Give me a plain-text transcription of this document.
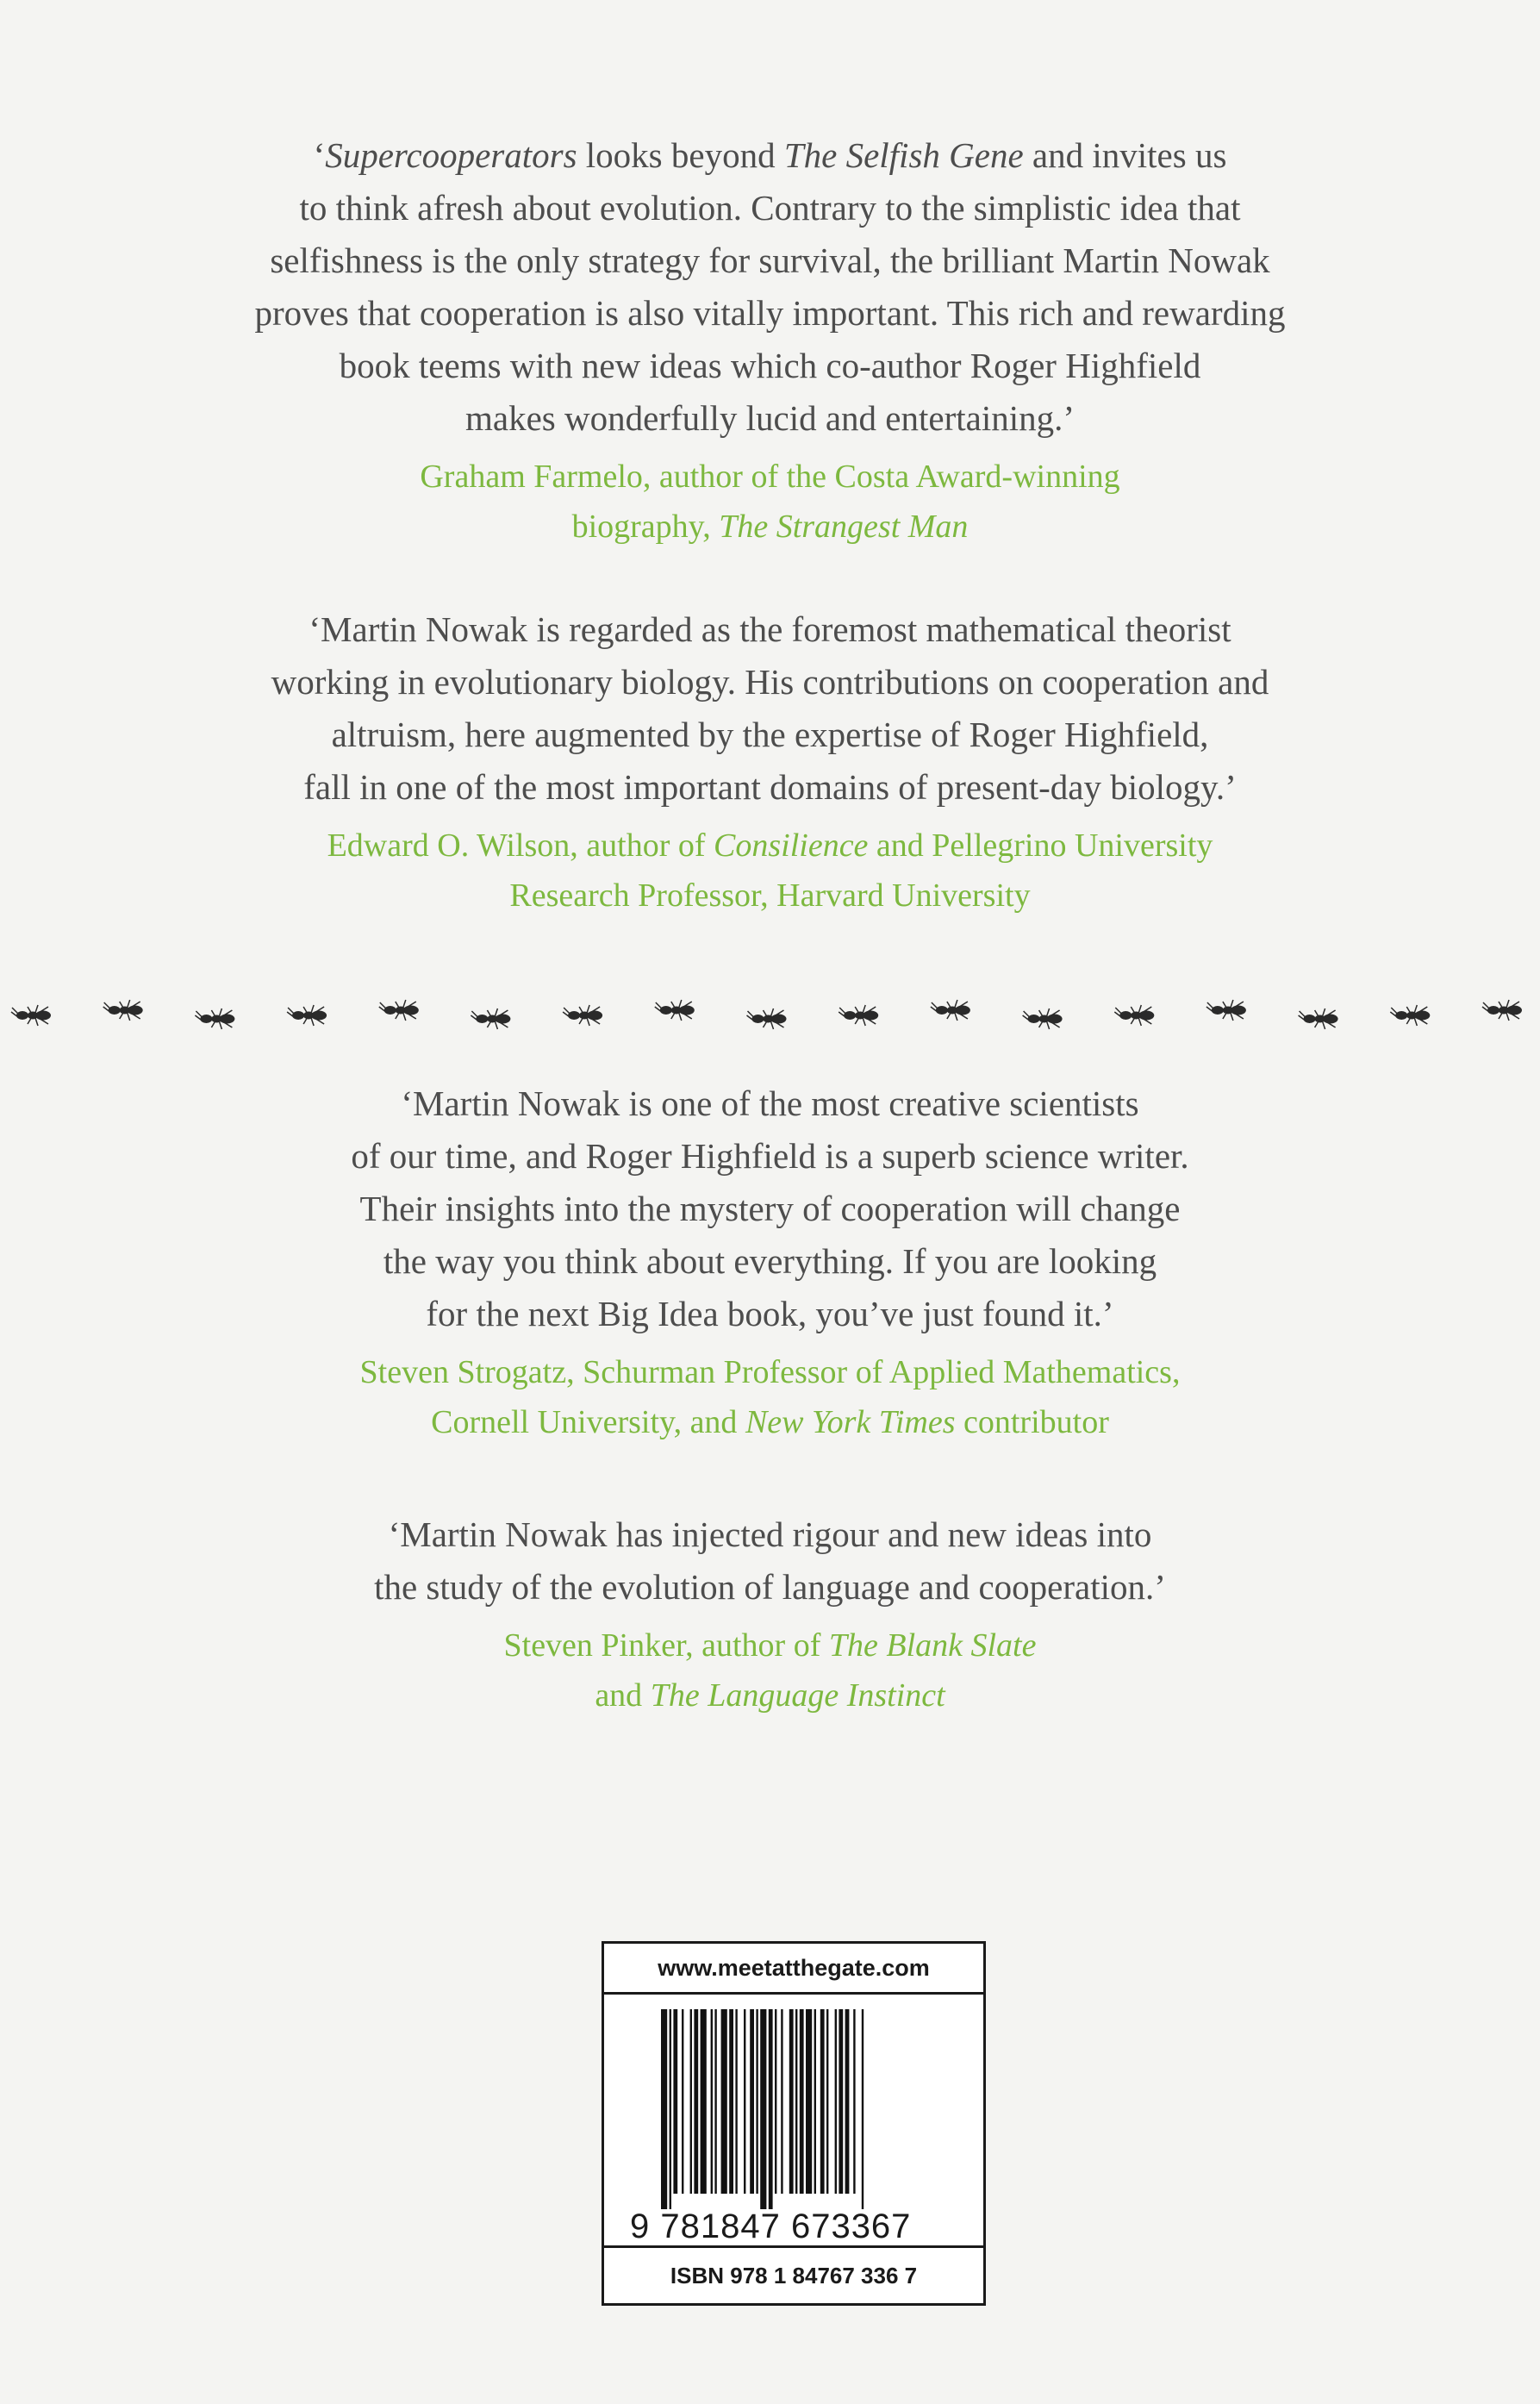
‘Supercooperators looks beyond The Selfish Gene and invites us
to think afresh about evolution. Contrary to the simplistic idea that
selfishness is the only strategy for survival, the brilliant Martin Nowak
proves that cooperation is also vitally important. This rich and rewarding
book teems with new ideas which co-author Roger Highfield
makes wonderfully lucid and entertaining.’

Graham Farmelo, author of the Costa Award-winning
biography, The Strangest Man

‘Martin Nowak is regarded as the foremost mathematical theorist
working in evolutionary biology. His contributions on cooperation and
altruism, here augmented by the expertise of Roger Highfield,
fall in one of the most important domains of present-day biology.’

Edward O. Wilson, author of Consilience and Pellegrino University
Research Professor, Harvard University

‘Martin Nowak is one of the most creative scientists
of our time, and Roger Highfield is a superb science writer.
Their insights into the mystery of cooperation will change
the way you think about everything. If you are looking
for the next Big Idea book, you’ve just found it.’

Steven Strogatz, Schurman Professor of Applied Mathematics,
Cornell University, and New York Times contributor

‘Martin Nowak has injected rigour and new ideas into
the study of the evolution of language and cooperation.’

Steven Pinker, author of The Blank Slate
and The Language Instinct

www.meetatthegate.com
9 781847 673367
ISBN 978 1 84767 336 7
